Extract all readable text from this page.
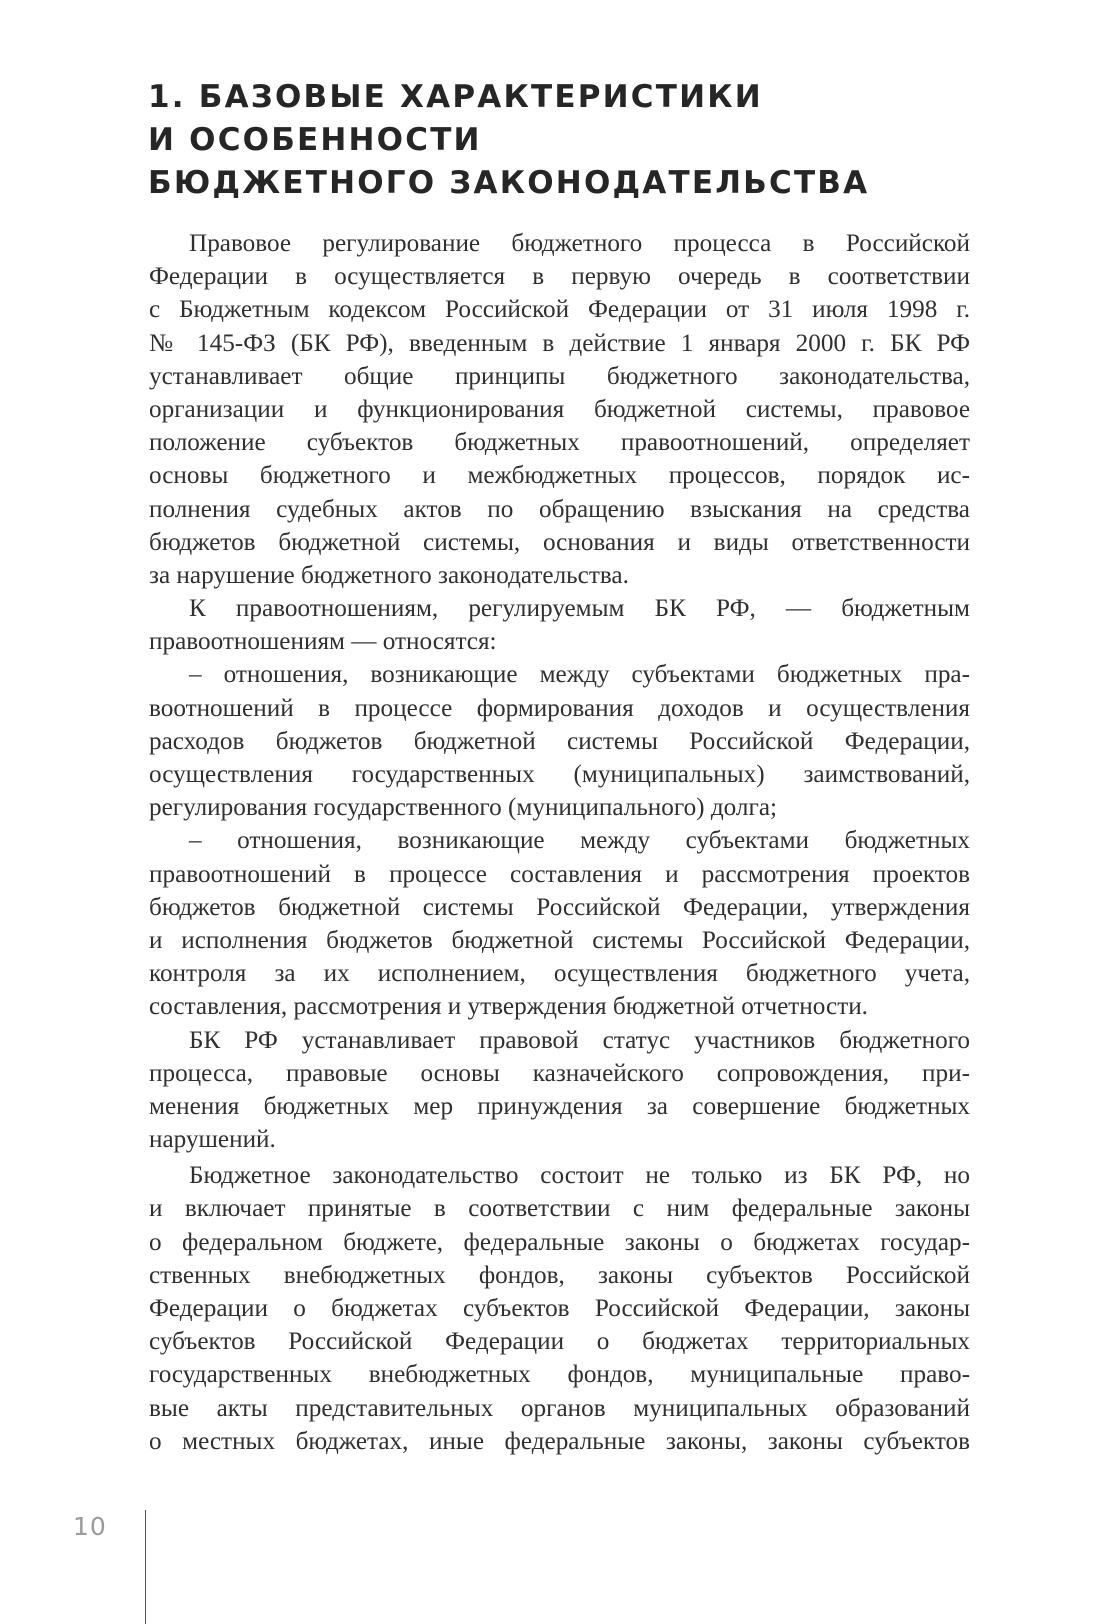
1. БАЗОВЫЕ ХАРАКТЕРИСТИКИ
И ОСОБЕННОСТИ
БЮДЖЕТНОГО ЗАКОНОДАТЕЛЬСТВА
Правовое регулирование бюджетного процесса в Российской
Федерации в осуществляется в первую очередь в соответствии
с Бюджетным кодексом Российской Федерации от 31 июля 1998 г.
№ 145-ФЗ (БК РФ), введенным в действие 1 января 2000 г. БК РФ
устанавливает общие принципы бюджетного законодательства,
организации и функционирования бюджетной системы, правовое
положение субъектов бюджетных правоотношений, определяет
основы бюджетного и межбюджетных процессов, порядок ис-
полнения судебных актов по обращению взыскания на средства
бюджетов бюджетной системы, основания и виды ответственности
за нарушение бюджетного законодательства.
К правоотношениям, регулируемым БК РФ, — бюджетным
правоотношениям — относятся:
– отношения, возникающие между субъектами бюджетных пра-
воотношений в процессе формирования доходов и осуществления
расходов бюджетов бюджетной системы Российской Федерации,
осуществления государственных (муниципальных) заимствований,
регулирования государственного (муниципального) долга;
– отношения, возникающие между субъектами бюджетных
правоотношений в процессе составления и рассмотрения проектов
бюджетов бюджетной системы Российской Федерации, утверждения
и исполнения бюджетов бюджетной системы Российской Федерации,
контроля за их исполнением, осуществления бюджетного учета,
составления, рассмотрения и утверждения бюджетной отчетности.
БК РФ устанавливает правовой статус участников бюджетного
процесса, правовые основы казначейского сопровождения, при-
менения бюджетных мер принуждения за совершение бюджетных
нарушений.
Бюджетное законодательство состоит не только из БК РФ, но
и включает принятые в соответствии с ним федеральные законы
о федеральном бюджете, федеральные законы о бюджетах государ-
ственных внебюджетных фондов, законы субъектов Российской
Федерации о бюджетах субъектов Российской Федерации, законы
субъектов Российской Федерации о бюджетах территориальных
государственных внебюджетных фондов, муниципальные право-
вые акты представительных органов муниципальных образований
о местных бюджетах, иные федеральные законы, законы субъектов
10
